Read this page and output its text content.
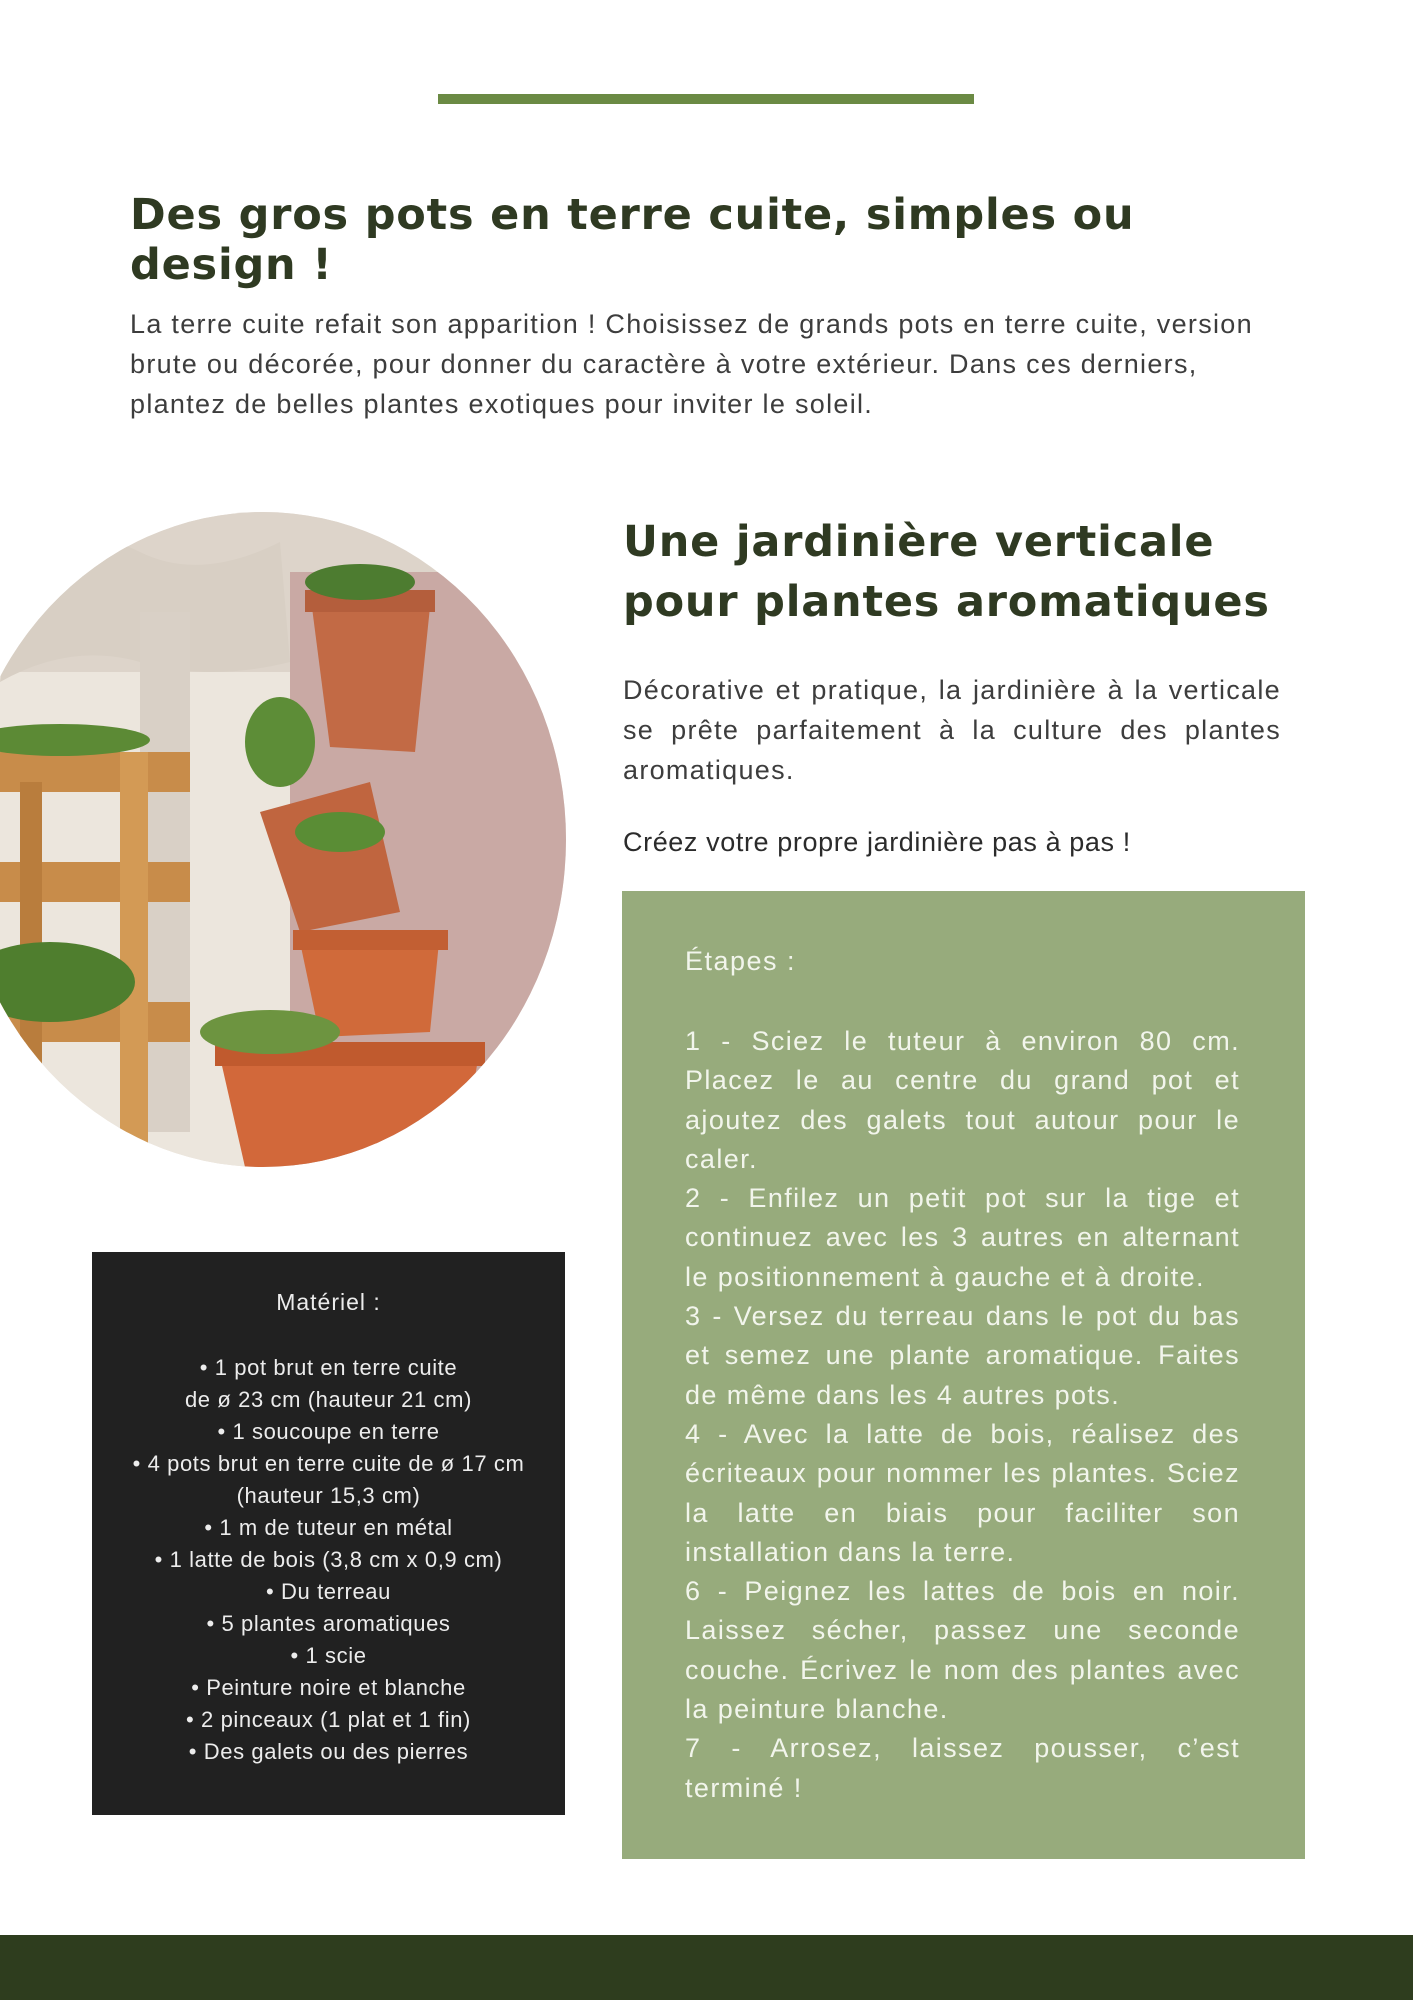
Des gros pots en terre cuite, simples ou design !

La terre cuite refait son apparition ! Choisissez de grands pots en terre cuite, version brute ou décorée, pour donner du caractère à votre extérieur. Dans ces derniers, plantez de belles plantes exotiques pour inviter le soleil.

Une jardinière verticale pour plantes aromatiques

Décorative et pratique, la jardinière à la verticale se prête parfaitement à la culture des plantes aromatiques.

Créez votre propre jardinière pas à pas !

Étapes :

1 - Sciez le tuteur à environ 80 cm. Placez le au centre du grand pot et ajoutez des galets tout autour pour le caler.
2 - Enfilez un petit pot sur la tige et continuez avec les 3 autres en alternant le positionnement à gauche et à droite.
3 - Versez du terreau dans le pot du bas et semez une plante aromatique. Faites de même dans les 4 autres pots.
4 - Avec la latte de bois, réalisez des écriteaux pour nommer les plantes. Sciez la latte en biais pour faciliter son installation dans la terre.
6 - Peignez les lattes de bois en noir. Laissez sécher, passez une seconde couche. Écrivez le nom des plantes avec la peinture blanche.
7 - Arrosez, laissez pousser, c’est terminé !

Matériel :

• 1 pot brut en terre cuite
de ø 23 cm (hauteur 21 cm)
• 1 soucoupe en terre
• 4 pots brut en terre cuite de ø 17 cm
(hauteur 15,3 cm)
• 1 m de tuteur en métal
• 1 latte de bois (3,8 cm x 0,9 cm)
• Du terreau
• 5 plantes aromatiques
• 1 scie
• Peinture noire et blanche
• 2 pinceaux (1 plat et 1 fin)
• Des galets ou des pierres
